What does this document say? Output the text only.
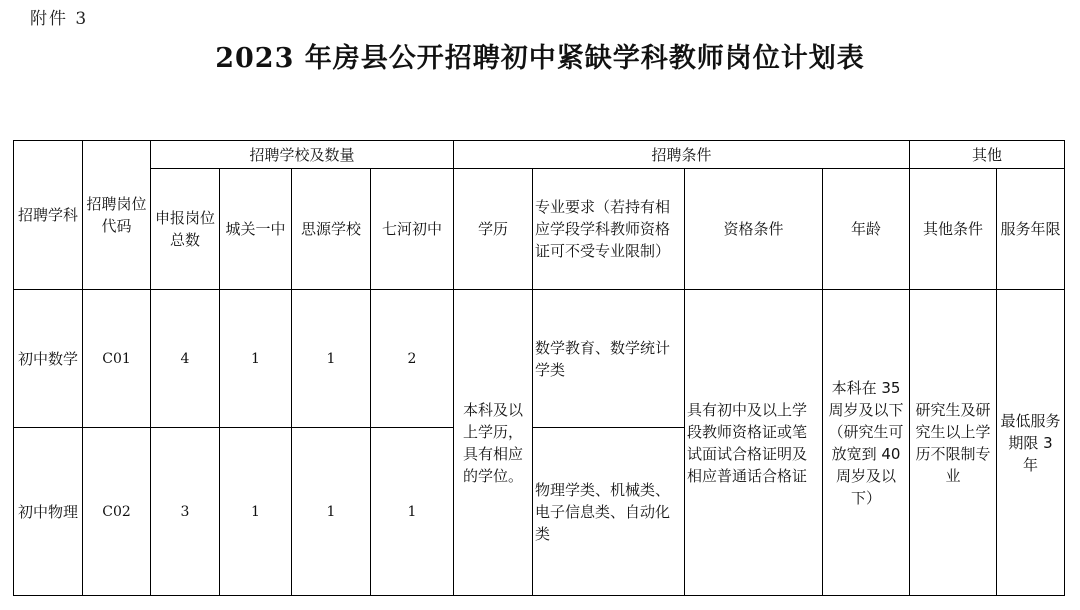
附件 3
2023 年房县公开招聘初中紧缺学科教师岗位计划表
招聘学科	招聘岗位代码	招聘学校及数量				招聘条件				其他	
		申报岗位总数	城关一中	思源学校	七河初中	学历	专业要求（若持有相应学段学科教师资格证可不受专业限制）	资格条件	年龄	其他条件	服务年限
初中数学	C01	4	1	1	2	本科及以上学历，具有相应的学位。	数学教育、数学统计学类	具有初中及以上学段教师资格证或笔试面试合格证明及相应普通话合格证	本科在 35 周岁及以下（研究生可放宽到 40 周岁及以下）	研究生及研究生以上学历不限制专业	最低服务期限 3 年
初中物理	C02	3	1	1	1		物理学类、机械类、电子信息类、自动化类				
